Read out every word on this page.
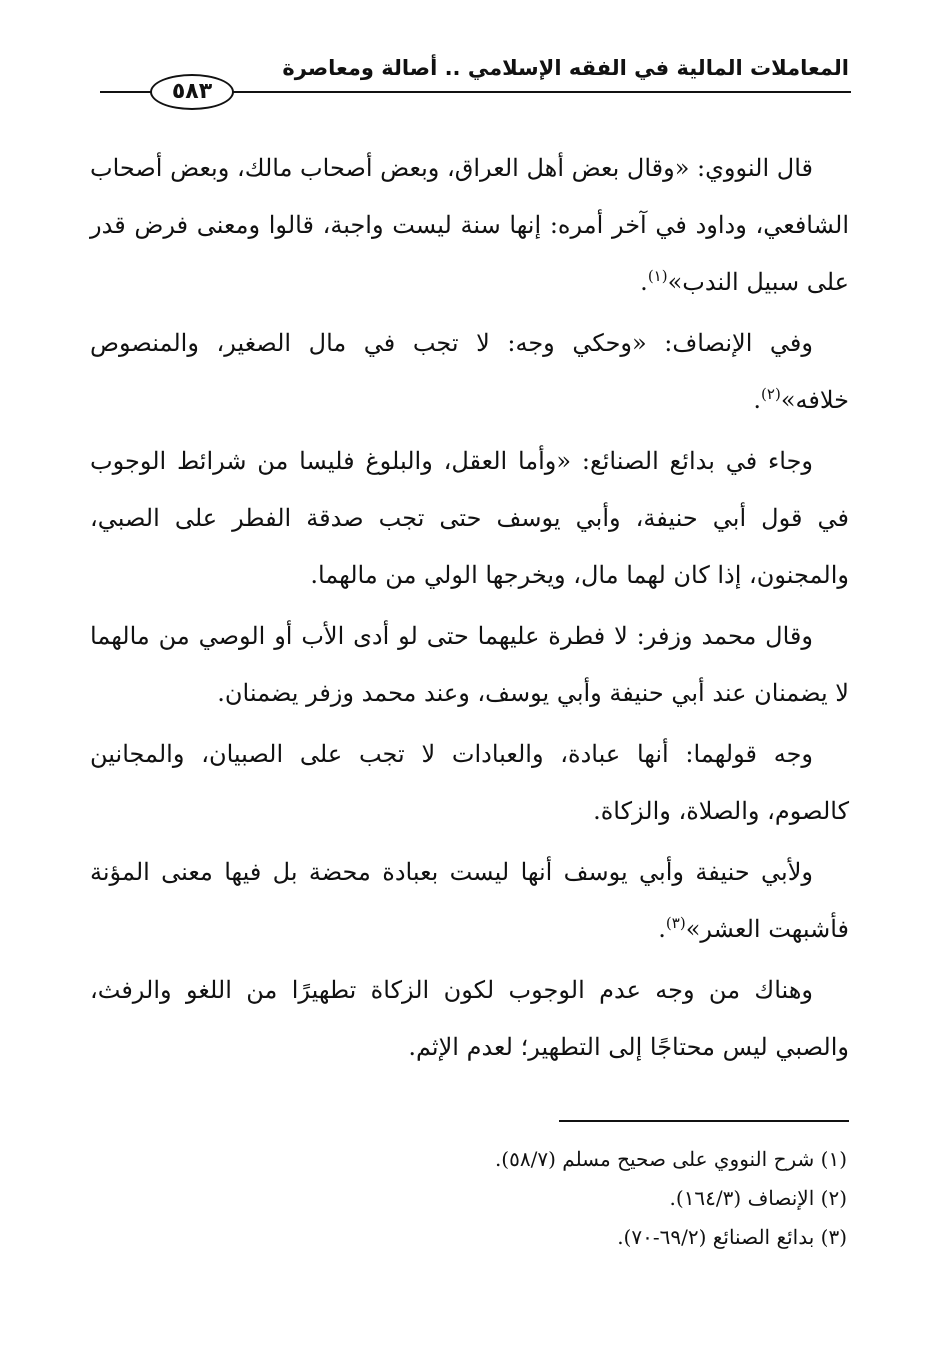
المعاملات المالية في الفقه الإسلامي .. أصالة ومعاصرة
٥٨٣

قال النووي: «وقال بعض أهل العراق، وبعض أصحاب مالك، وبعض أصحاب الشافعي، وداود في آخر أمره: إنها سنة ليست واجبة، قالوا ومعنى فرض قدر على سبيل الندب»$^{(١)}$.

وفي الإنصاف: «وحكي وجه: لا تجب في مال الصغير، والمنصوص خلافه»$^{(٢)}$.

وجاء في بدائع الصنائع: «وأما العقل، والبلوغ فليسا من شرائط الوجوب في قول أبي حنيفة، وأبي يوسف حتى تجب صدقة الفطر على الصبي، والمجنون، إذا كان لهما مال، ويخرجها الولي من مالهما.

وقال محمد وزفر: لا فطرة عليهما حتى لو أدى الأب أو الوصي من مالهما لا يضمنان عند أبي حنيفة وأبي يوسف، وعند محمد وزفر يضمنان.

وجه قولهما: أنها عبادة، والعبادات لا تجب على الصبيان، والمجانين كالصوم، والصلاة، والزكاة.

ولأبي حنيفة وأبي يوسف أنها ليست بعبادة محضة بل فيها معنى المؤنة فأشبهت العشر»$^{(٣)}$.

وهناك من وجه عدم الوجوب لكون الزكاة تطهيرًا من اللغو والرفث، والصبي ليس محتاجًا إلى التطهير؛ لعدم الإثم.

(١) شرح النووي على صحيح مسلم (٥٨/٧).
(٢) الإنصاف (١٦٤/٣).
(٣) بدائع الصنائع (٦٩/٢-٧٠).
